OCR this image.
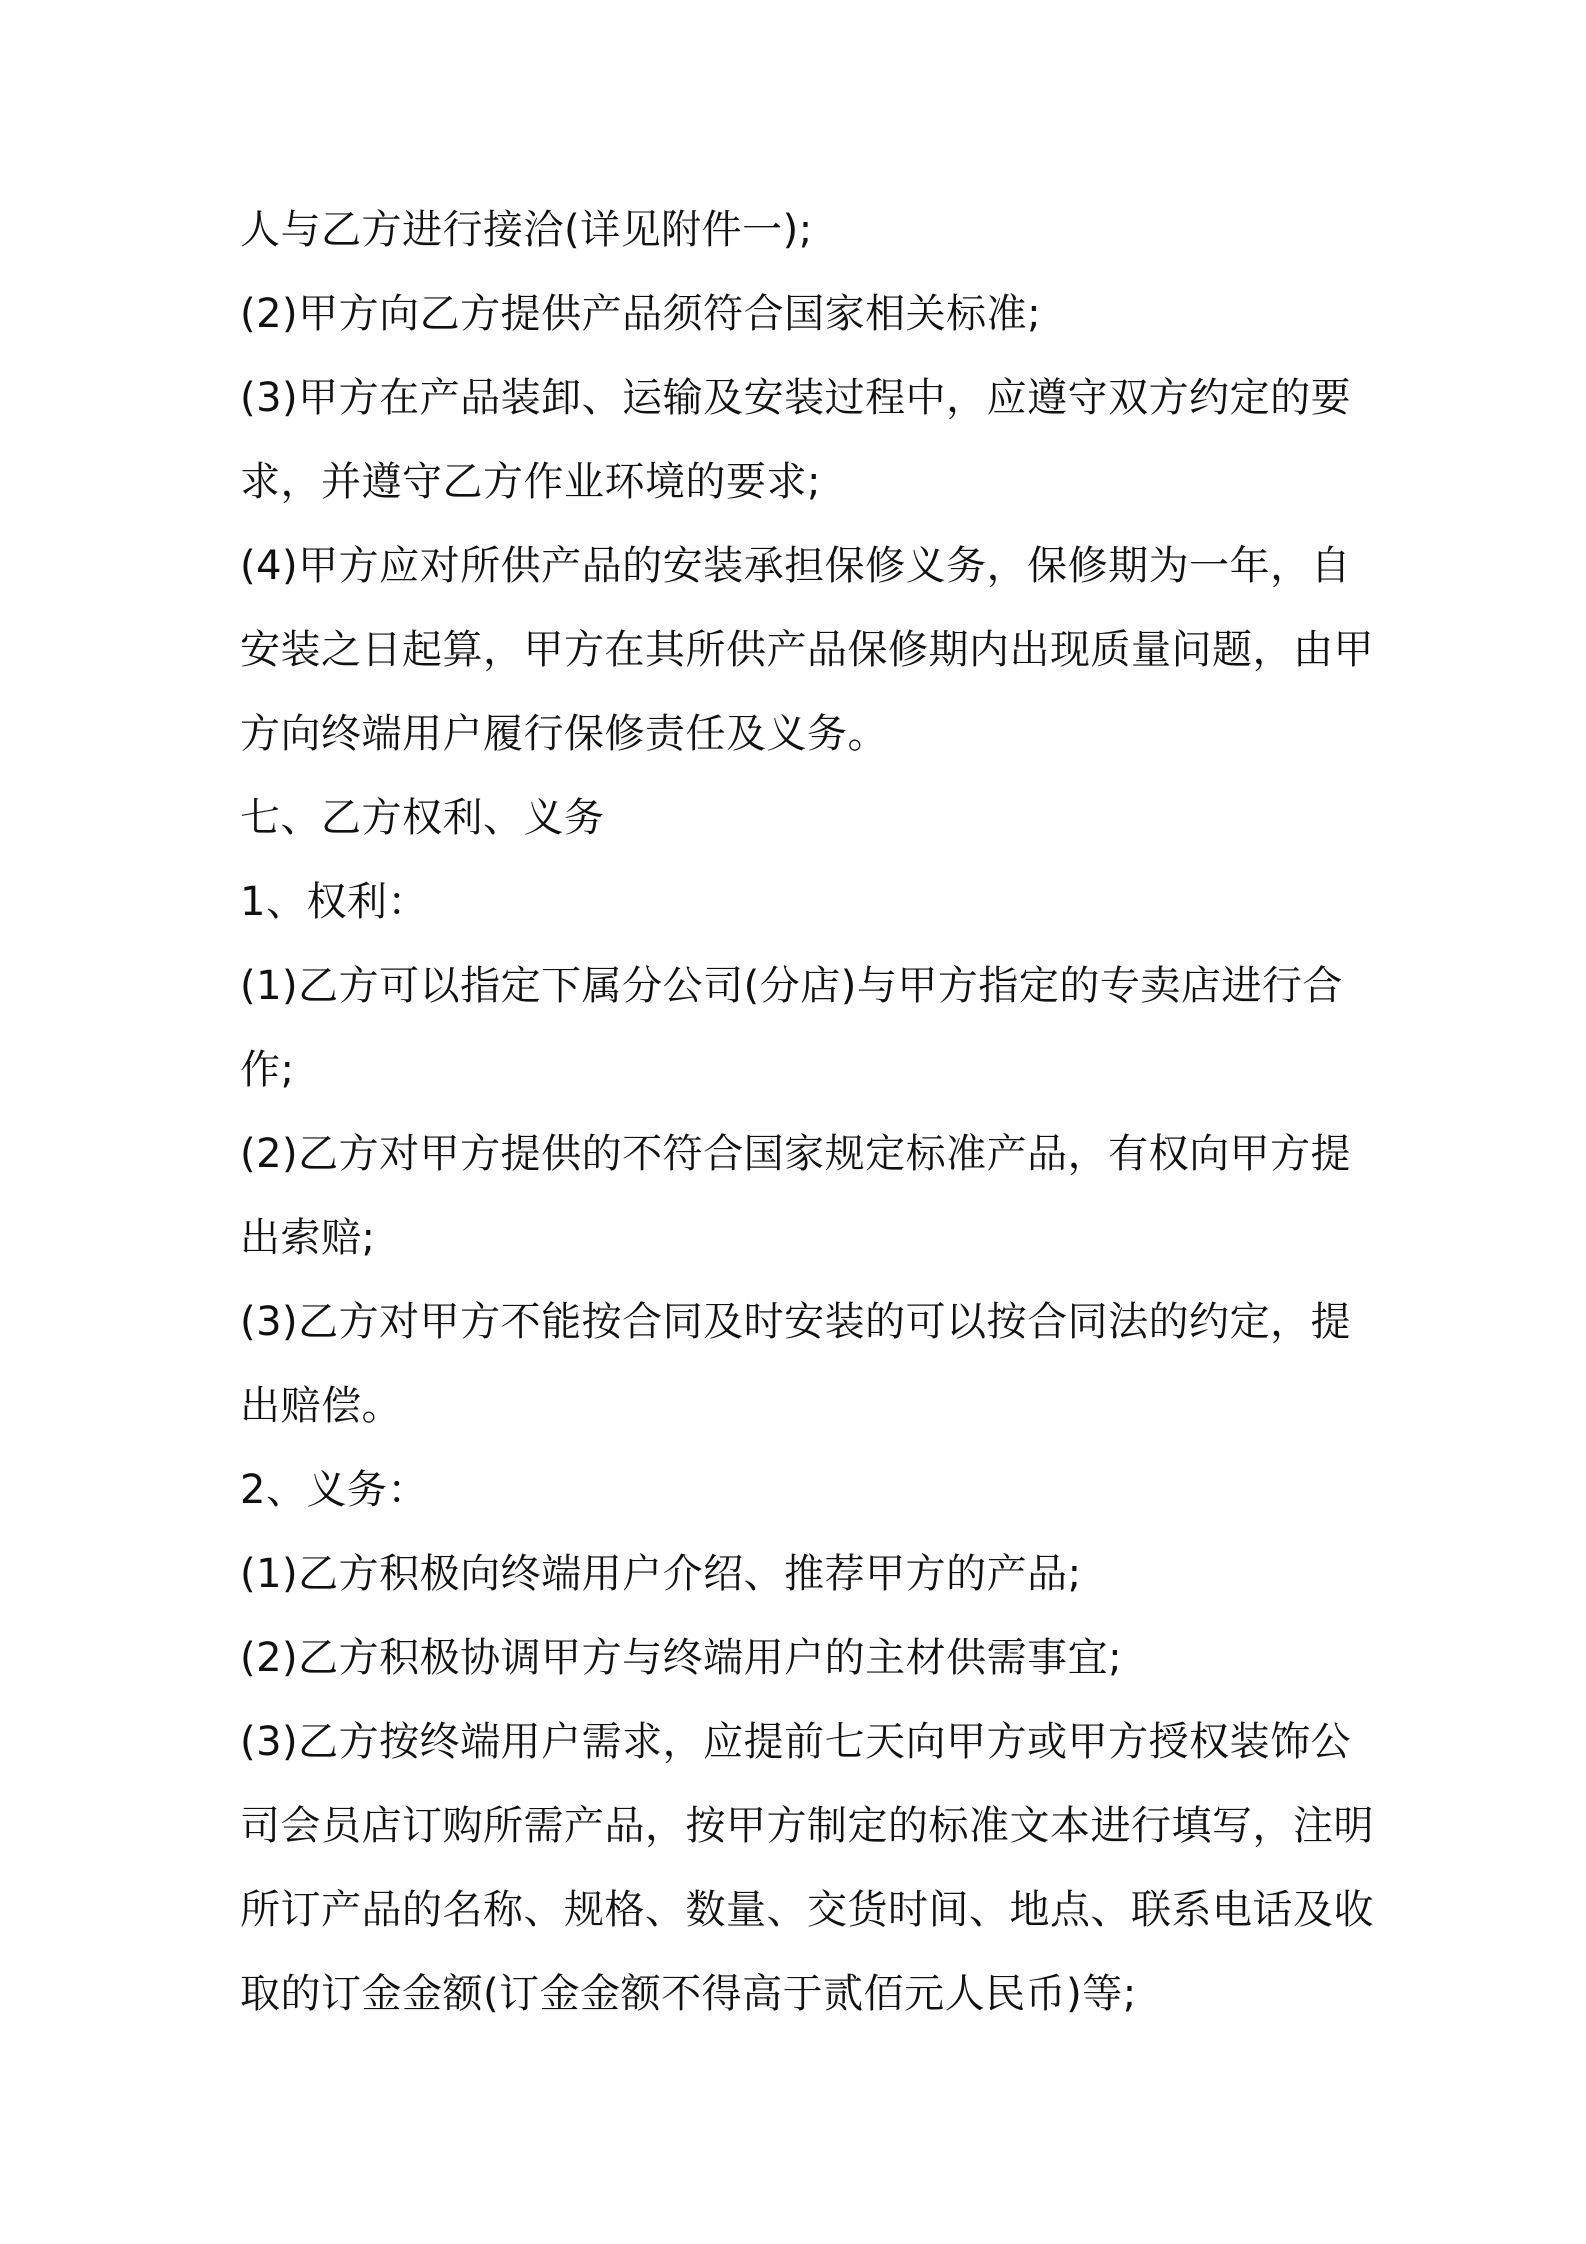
人与乙方进行接洽(详见附件一);
(2)甲方向乙方提供产品须符合国家相关标准;
(3)甲方在产品装卸、运输及安装过程中，应遵守双方约定的要
求，并遵守乙方作业环境的要求;
(4)甲方应对所供产品的安装承担保修义务，保修期为一年，自
安装之日起算，甲方在其所供产品保修期内出现质量问题，由甲
方向终端用户履行保修责任及义务。
七、乙方权利、义务
1、权利：
(1)乙方可以指定下属分公司(分店)与甲方指定的专卖店进行合
作;
(2)乙方对甲方提供的不符合国家规定标准产品，有权向甲方提
出索赔;
(3)乙方对甲方不能按合同及时安装的可以按合同法的约定，提
出赔偿。
2、义务：
(1)乙方积极向终端用户介绍、推荐甲方的产品;
(2)乙方积极协调甲方与终端用户的主材供需事宜;
(3)乙方按终端用户需求，应提前七天向甲方或甲方授权装饰公
司会员店订购所需产品，按甲方制定的标准文本进行填写，注明
所订产品的名称、规格、数量、交货时间、地点、联系电话及收
取的订金金额(订金金额不得高于贰佰元人民币)等;
